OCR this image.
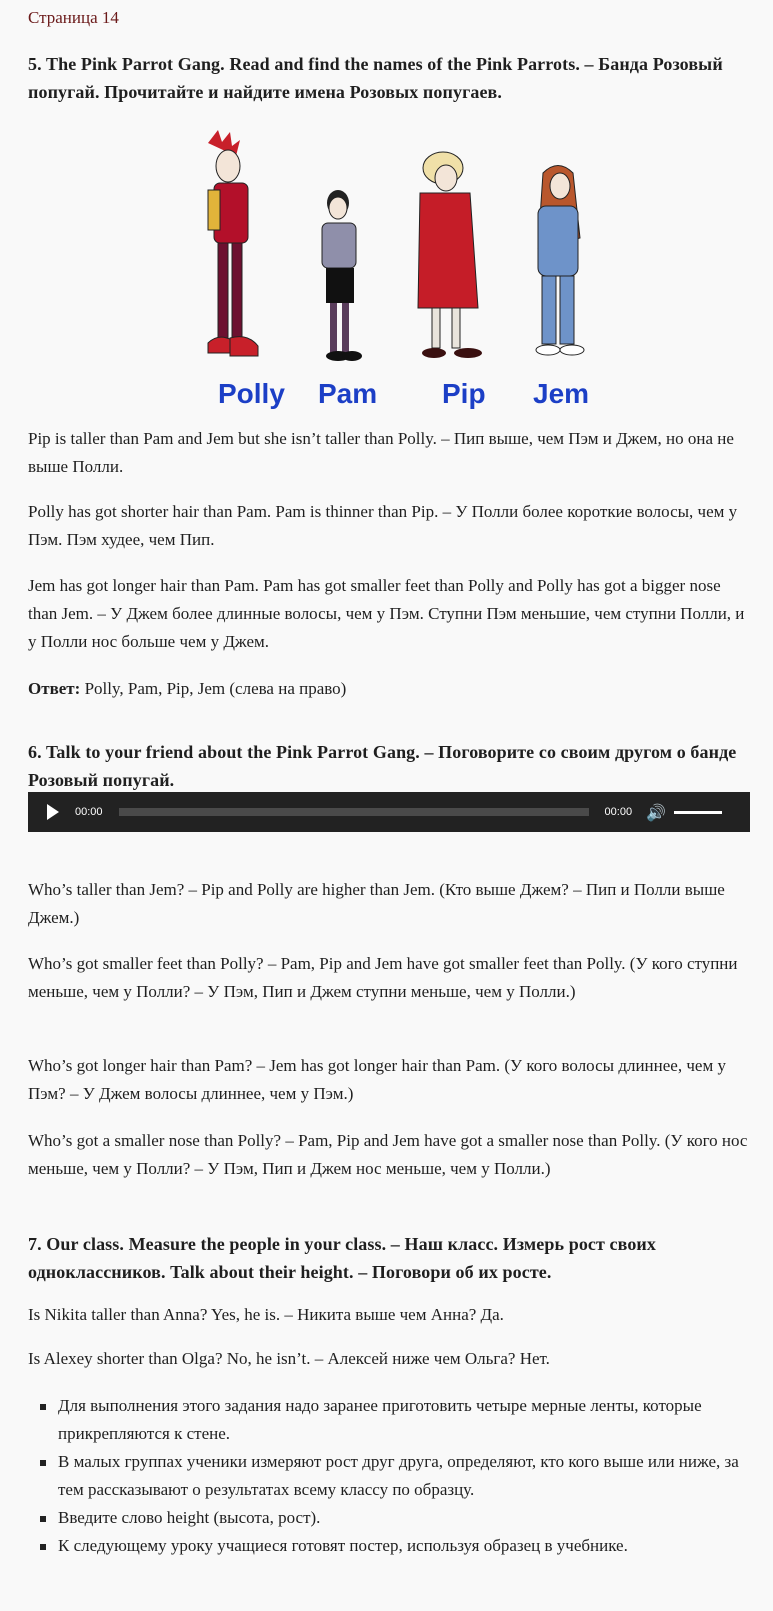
Страница 14
5. The Pink Parrot Gang. Read and find the names of the Pink Parrots. – Банда Розовый попугай. Прочитайте и найдите имена Розовых попугаев.
Polly Pam Pip Jem

Pip is taller than Pam and Jem but she isn’t taller than Polly. – Пип выше, чем Пэм и Джем, но она не выше Полли.

Polly has got shorter hair than Pam. Pam is thinner than Pip. – У Полли более короткие волосы, чем у Пэм. Пэм худее, чем Пип.

Jem has got longer hair than Pam. Pam has got smaller feet than Polly and Polly has got a bigger nose than Jem. – У Джем более длинные волосы, чем у Пэм. Ступни Пэм меньшие, чем ступни Полли, и у Полли нос больше чем у Джем.

Ответ: Polly, Pam, Pip, Jem (слева на право)

6. Talk to your friend about the Pink Parrot Gang. – Поговорите со своим другом о банде Розовый попугай.
00:00	00:00 🔊

Who’s taller than Jem? – Pip and Polly are higher than Jem. (Кто выше Джем? – Пип и Полли выше Джем.)

Who’s got smaller feet than Polly? – Pam, Pip and Jem have got smaller feet than Polly. (У кого ступни меньше, чем у Полли? – У Пэм, Пип и Джем ступни меньше, чем у Полли.)

Who’s got longer hair than Pam? – Jem has got longer hair than Pam. (У кого волосы длиннее, чем у Пэм? – У Джем волосы длиннее, чем у Пэм.)

Who’s got a smaller nose than Polly? – Pam, Pip and Jem have got a smaller nose than Polly. (У кого нос меньше, чем у Полли? – У Пэм, Пип и Джем нос меньше, чем у Полли.)

7. Our class. Measure the people in your class. – Наш класс. Измерь рост своих одноклассников. Talk about their height. – Поговори об их росте.

Is Nikita taller than Anna? Yes, he is. – Никита выше чем Анна? Да.

Is Alexey shorter than Olga? No, he isn’t. – Алексей ниже чем Ольга? Нет.

Для выполнения этого задания надо заранее приготовить четыре мерные ленты, которые прикрепляются к стене.
В малых группах ученики измеряют рост друг друга, определяют, кто кого выше или ниже, за тем рассказывают о результатах всему классу по образцу.
Введите слово height (высота, рост).
К следующему уроку учащиеся готовят постер, используя образец в учебнике.
